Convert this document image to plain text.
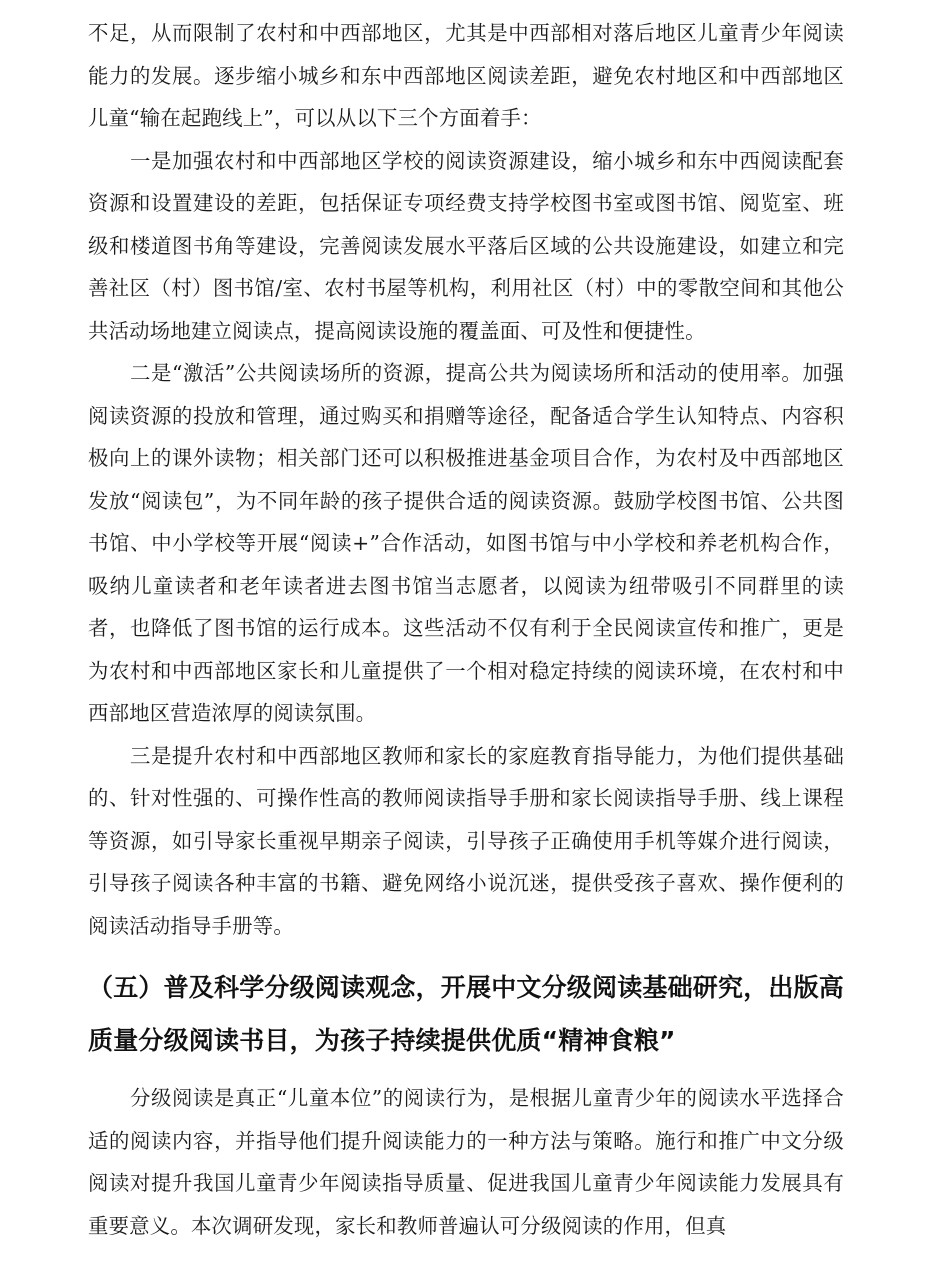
不足，从而限制了农村和中西部地区，尤其是中西部相对落后地区儿童青少年阅读能力的发展。逐步缩小城乡和东中西部地区阅读差距，避免农村地区和中西部地区儿童“输在起跑线上”，可以从以下三个方面着手：

一是加强农村和中西部地区学校的阅读资源建设，缩小城乡和东中西阅读配套资源和设置建设的差距，包括保证专项经费支持学校图书室或图书馆、阅览室、班级和楼道图书角等建设，完善阅读发展水平落后区域的公共设施建设，如建立和完善社区（村）图书馆/室、农村书屋等机构，利用社区（村）中的零散空间和其他公共活动场地建立阅读点，提高阅读设施的覆盖面、可及性和便捷性。

二是“激活”公共阅读场所的资源，提高公共为阅读场所和活动的使用率。加强阅读资源的投放和管理，通过购买和捐赠等途径，配备适合学生认知特点、内容积极向上的课外读物；相关部门还可以积极推进基金项目合作，为农村及中西部地区发放“阅读包”，为不同年龄的孩子提供合适的阅读资源。鼓励学校图书馆、公共图书馆、中小学校等开展“阅读+”合作活动，如图书馆与中小学校和养老机构合作，吸纳儿童读者和老年读者进去图书馆当志愿者，以阅读为纽带吸引不同群里的读者，也降低了图书馆的运行成本。这些活动不仅有利于全民阅读宣传和推广，更是为农村和中西部地区家长和儿童提供了一个相对稳定持续的阅读环境，在农村和中西部地区营造浓厚的阅读氛围。

三是提升农村和中西部地区教师和家长的家庭教育指导能力，为他们提供基础的、针对性强的、可操作性高的教师阅读指导手册和家长阅读指导手册、线上课程等资源，如引导家长重视早期亲子阅读，引导孩子正确使用手机等媒介进行阅读，引导孩子阅读各种丰富的书籍、避免网络小说沉迷，提供受孩子喜欢、操作便利的阅读活动指导手册等。

（五）普及科学分级阅读观念，开展中文分级阅读基础研究，出版高质量分级阅读书目，为孩子持续提供优质“精神食粮”

分级阅读是真正“儿童本位”的阅读行为，是根据儿童青少年的阅读水平选择合适的阅读内容，并指导他们提升阅读能力的一种方法与策略。施行和推广中文分级阅读对提升我国儿童青少年阅读指导质量、促进我国儿童青少年阅读能力发展具有重要意义。本次调研发现，家长和教师普遍认可分级阅读的作用，但真
